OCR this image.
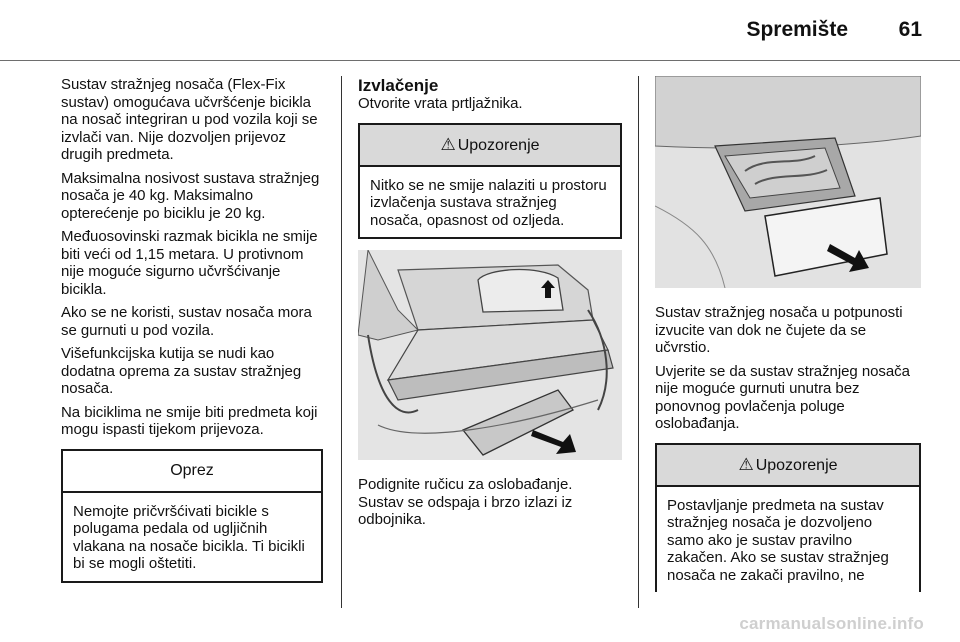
Spremište 61

Sustav stražnjeg nosača (Flex-Fix sustav) omogućava učvršćenje bicikla na nosač integriran u pod vozila koji se izvlači van. Nije dozvoljen prijevoz drugih predmeta.

Maksimalna nosivost sustava stražnjeg nosača je 40 kg. Maksimalno opterećenje po biciklu je 20 kg.

Međuosovinski razmak bicikla ne smije biti veći od 1,15 metara. U protivnom nije moguće sigurno učvršćivanje bicikla.

Ako se ne koristi, sustav nosača mora se gurnuti u pod vozila.

Višefunkcijska kutija se nudi kao dodatna oprema za sustav stražnjeg nosača.

Na biciklima ne smije biti predmeta koji mogu ispasti tijekom prijevoza.

Oprez
Nemojte pričvršćivati bicikle s polugama pedala od ugljičnih vlakana na nosače bicikla. Ti bicikli bi se mogli oštetiti.
Izvlačenje

Otvorite vrata prtljažnika.

⚠ Upozorenje
Nitko se ne smije nalaziti u prostoru izvlačenja sustava stražnjeg nosača, opasnost od ozljeda.

Podignite ručicu za oslobađanje. Sustav se odspaja i brzo izlazi iz odbojnika.

Sustav stražnjeg nosača u potpunosti izvucite van dok ne čujete da se učvrstio.

Uvjerite se da sustav stražnjeg nosača nije moguće gurnuti unutra bez ponovnog povlačenja poluge oslobađanja.

⚠ Upozorenje
Postavljanje predmeta na sustav stražnjeg nosača je dozvoljeno samo ako je sustav pravilno zakačen. Ako se sustav stražnjeg nosača ne zakači pravilno, ne
carmanualsonline.info
